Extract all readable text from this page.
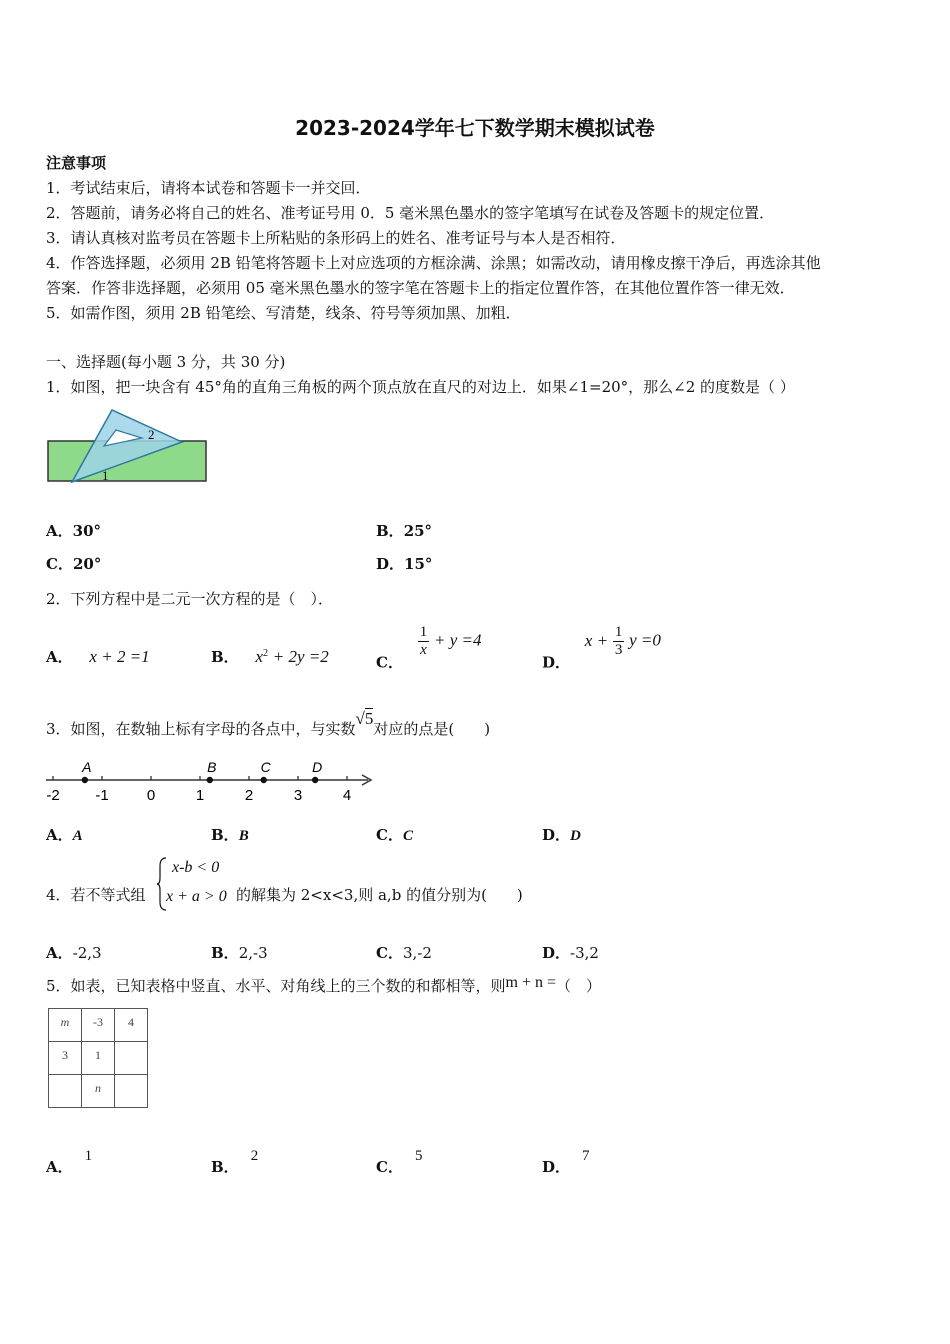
2023-2024学年七下数学期末模拟试卷
注意事项
1．考试结束后，请将本试卷和答题卡一并交回．
2．答题前，请务必将自己的姓名、准考证号用 0．5 毫米黑色墨水的签字笔填写在试卷及答题卡的规定位置．
3．请认真核对监考员在答题卡上所粘贴的条形码上的姓名、准考证号与本人是否相符．
4．作答选择题，必须用 2B 铅笔将答题卡上对应选项的方框涂满、涂黑；如需改动，请用橡皮擦干净后，再选涂其他
答案．作答非选择题，必须用 05 毫米黑色墨水的签字笔在答题卡上的指定位置作答，在其他位置作答一律无效．
5．如需作图，须用 2B 铅笔绘、写清楚，线条、符号等须加黑、加粗．
一、选择题(每小题 3 分，共 30 分)
1．如图，把一块含有 45°角的直角三角板的两个顶点放在直尺的对边上．如果∠1=20°，那么∠2 的度数是（ ）
2
1
A．30°	B．25°
C．20°	D．15°
2．下列方程中是二元一次方程的是（　）．
A． x + 2 =1	B． $x^2 + 2y =2$	C．
$\frac{1}{x} + y =4$
D． $x + \frac{1}{3}$ y =0
3．如图，在数轴上标有字母的各点中，与实数√5对应的点是(　　)
-2 -1	0	1	2	3	4
A	B	C	D
A．A	B．B	C．C	D．D
4．若不等式组
x-b < 0
x + a > 0 的解集为 2<x<3,则 a,b 的值分别为(　　)
A．-2,3	B．2,-3	C．3,-2	D．-3,2
5．如表，已知表格中竖直、水平、对角线上的三个数的和都相等，则m + n =（　）
m	-3	4
3	1	
	n	
A．1
B．2
C．5
D．7
